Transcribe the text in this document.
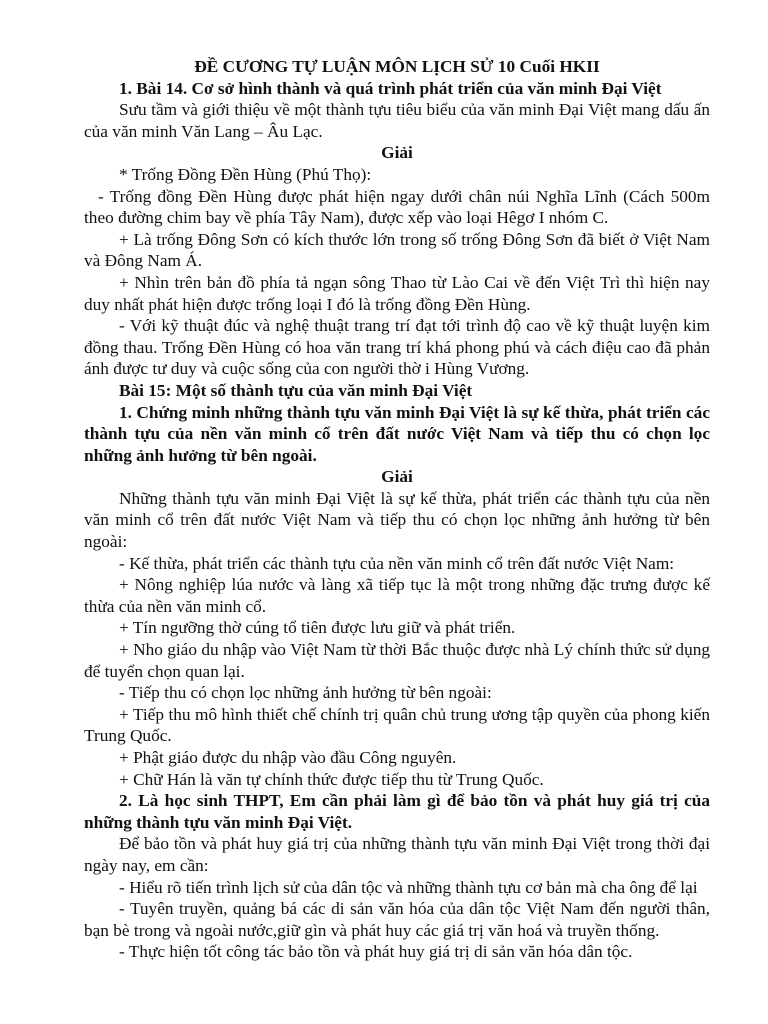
ĐỀ CƯƠNG TỰ LUẬN MÔN LỊCH SỬ 10 Cuối HKII

1. Bài 14. Cơ sở hình thành và quá trình phát triển của văn minh Đại Việt

Sưu tầm và giới thiệu về một thành tựu tiêu biểu của văn minh Đại Việt mang dấu ấn của văn minh Văn Lang – Âu Lạc.

Giải

* Trống Đồng Đền Hùng (Phú Thọ):

- Trống đồng Đền Hùng được phát hiện ngay dưới chân núi Nghĩa Lĩnh (Cách 500m theo đường chim bay về phía Tây Nam), được xếp vào loại Hêgơ I nhóm C.

+ Là trống Đông Sơn có kích thước lớn trong số trống Đông Sơn đã biết ở Việt Nam và Đông Nam Á.

+ Nhìn trên bản đồ phía tả ngạn sông Thao từ Lào Cai về đến Việt Trì thì hiện nay duy nhất phát hiện được trống loại I đó là trống đồng Đền Hùng.

- Với kỹ thuật đúc và nghệ thuật trang trí đạt tới trình độ cao về kỹ thuật luyện kim đồng thau. Trống Đền Hùng có hoa văn trang trí khá phong phú và cách điệu cao đã phản ánh được tư duy và cuộc sống của con người thờ i Hùng Vương.

Bài 15: Một số thành tựu của văn minh Đại Việt

1. Chứng minh những thành tựu văn minh Đại Việt là sự kế thừa, phát triển các thành tựu của nền văn minh cổ trên đất nước Việt Nam và tiếp thu có chọn lọc những ảnh hưởng từ bên ngoài.

Giải

Những thành tựu văn minh Đại Việt là sự kế thừa, phát triển các thành tựu của nền văn minh cổ trên đất nước Việt Nam và tiếp thu có chọn lọc những ảnh hưởng từ bên ngoài:

- Kế thừa, phát triển các thành tựu của nền văn minh cổ trên đất nước Việt Nam:

+ Nông nghiệp lúa nước và làng xã tiếp tục là một trong những đặc trưng được kế thừa của nền văn minh cổ.

+ Tín ngưỡng thờ cúng tổ tiên được lưu giữ và phát triển.

+ Nho giáo du nhập vào Việt Nam từ thời Bắc thuộc được nhà Lý chính thức sử dụng để tuyển chọn quan lại.

- Tiếp thu có chọn lọc những ảnh hưởng từ bên ngoài:

+ Tiếp thu mô hình thiết chế chính trị quân chủ trung ương tập quyền của phong kiến Trung Quốc.

+ Phật giáo được du nhập vào đầu Công nguyên.

+ Chữ Hán là văn tự chính thức được tiếp thu từ Trung Quốc.

2. Là học sinh THPT, Em cần phải làm gì để bảo tồn và phát huy giá trị của những thành tựu văn minh Đại Việt.

Để bảo tồn và phát huy giá trị của những thành tựu văn minh Đại Việt trong thời đại ngày nay, em cần:

- Hiểu rõ tiến trình lịch sử của dân tộc và những thành tựu cơ bản mà cha ông để lại

- Tuyên truyền, quảng bá các di sản văn hóa của dân tộc Việt Nam đến người thân, bạn bè trong và ngoài nước,giữ gìn và phát huy các giá trị văn hoá và truyền thống.

- Thực hiện tốt công tác bảo tồn và phát huy giá trị di sản văn hóa dân tộc.
